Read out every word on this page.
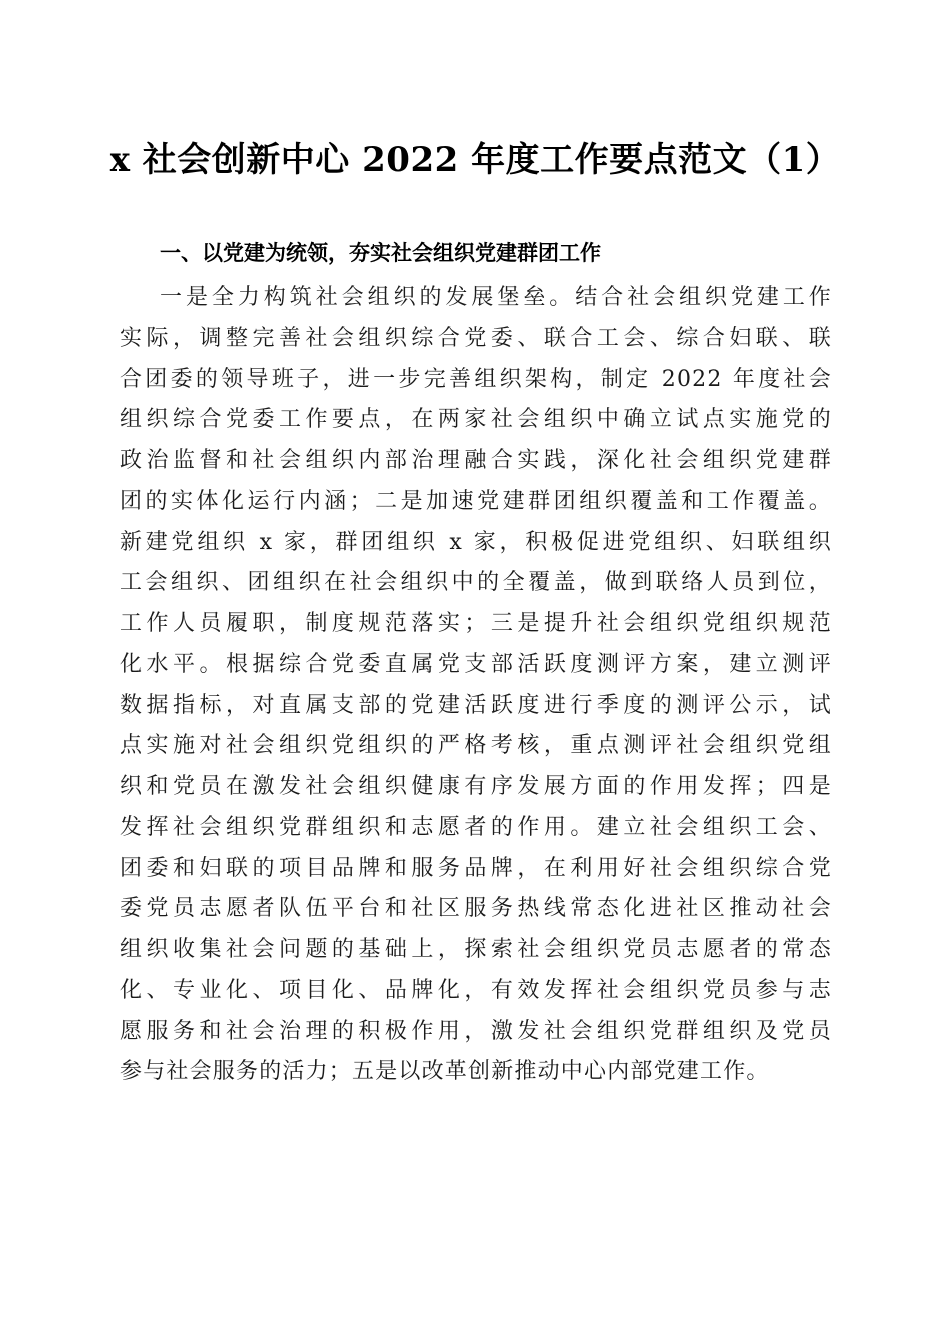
x 社会创新中心 2022 年度工作要点范文（1）
一、以党建为统领，夯实社会组织党建群团工作
一是全力构筑社会组织的发展堡垒。结合社会组织党建工作
实际，调整完善社会组织综合党委、联合工会、综合妇联、联
合团委的领导班子，进一步完善组织架构，制定 2022 年度社会
组织综合党委工作要点，在两家社会组织中确立试点实施党的
政治监督和社会组织内部治理融合实践，深化社会组织党建群
团的实体化运行内涵；二是加速党建群团组织覆盖和工作覆盖。
新建党组织 x 家，群团组织 x 家，积极促进党组织、妇联组织
工会组织、团组织在社会组织中的全覆盖，做到联络人员到位，
工作人员履职，制度规范落实；三是提升社会组织党组织规范
化水平。根据综合党委直属党支部活跃度测评方案，建立测评
数据指标，对直属支部的党建活跃度进行季度的测评公示，试
点实施对社会组织党组织的严格考核，重点测评社会组织党组
织和党员在激发社会组织健康有序发展方面的作用发挥；四是
发挥社会组织党群组织和志愿者的作用。建立社会组织工会、
团委和妇联的项目品牌和服务品牌，在利用好社会组织综合党
委党员志愿者队伍平台和社区服务热线常态化进社区推动社会
组织收集社会问题的基础上，探索社会组织党员志愿者的常态
化、专业化、项目化、品牌化，有效发挥社会组织党员参与志
愿服务和社会治理的积极作用，激发社会组织党群组织及党员
参与社会服务的活力；五是以改革创新推动中心内部党建工作。
